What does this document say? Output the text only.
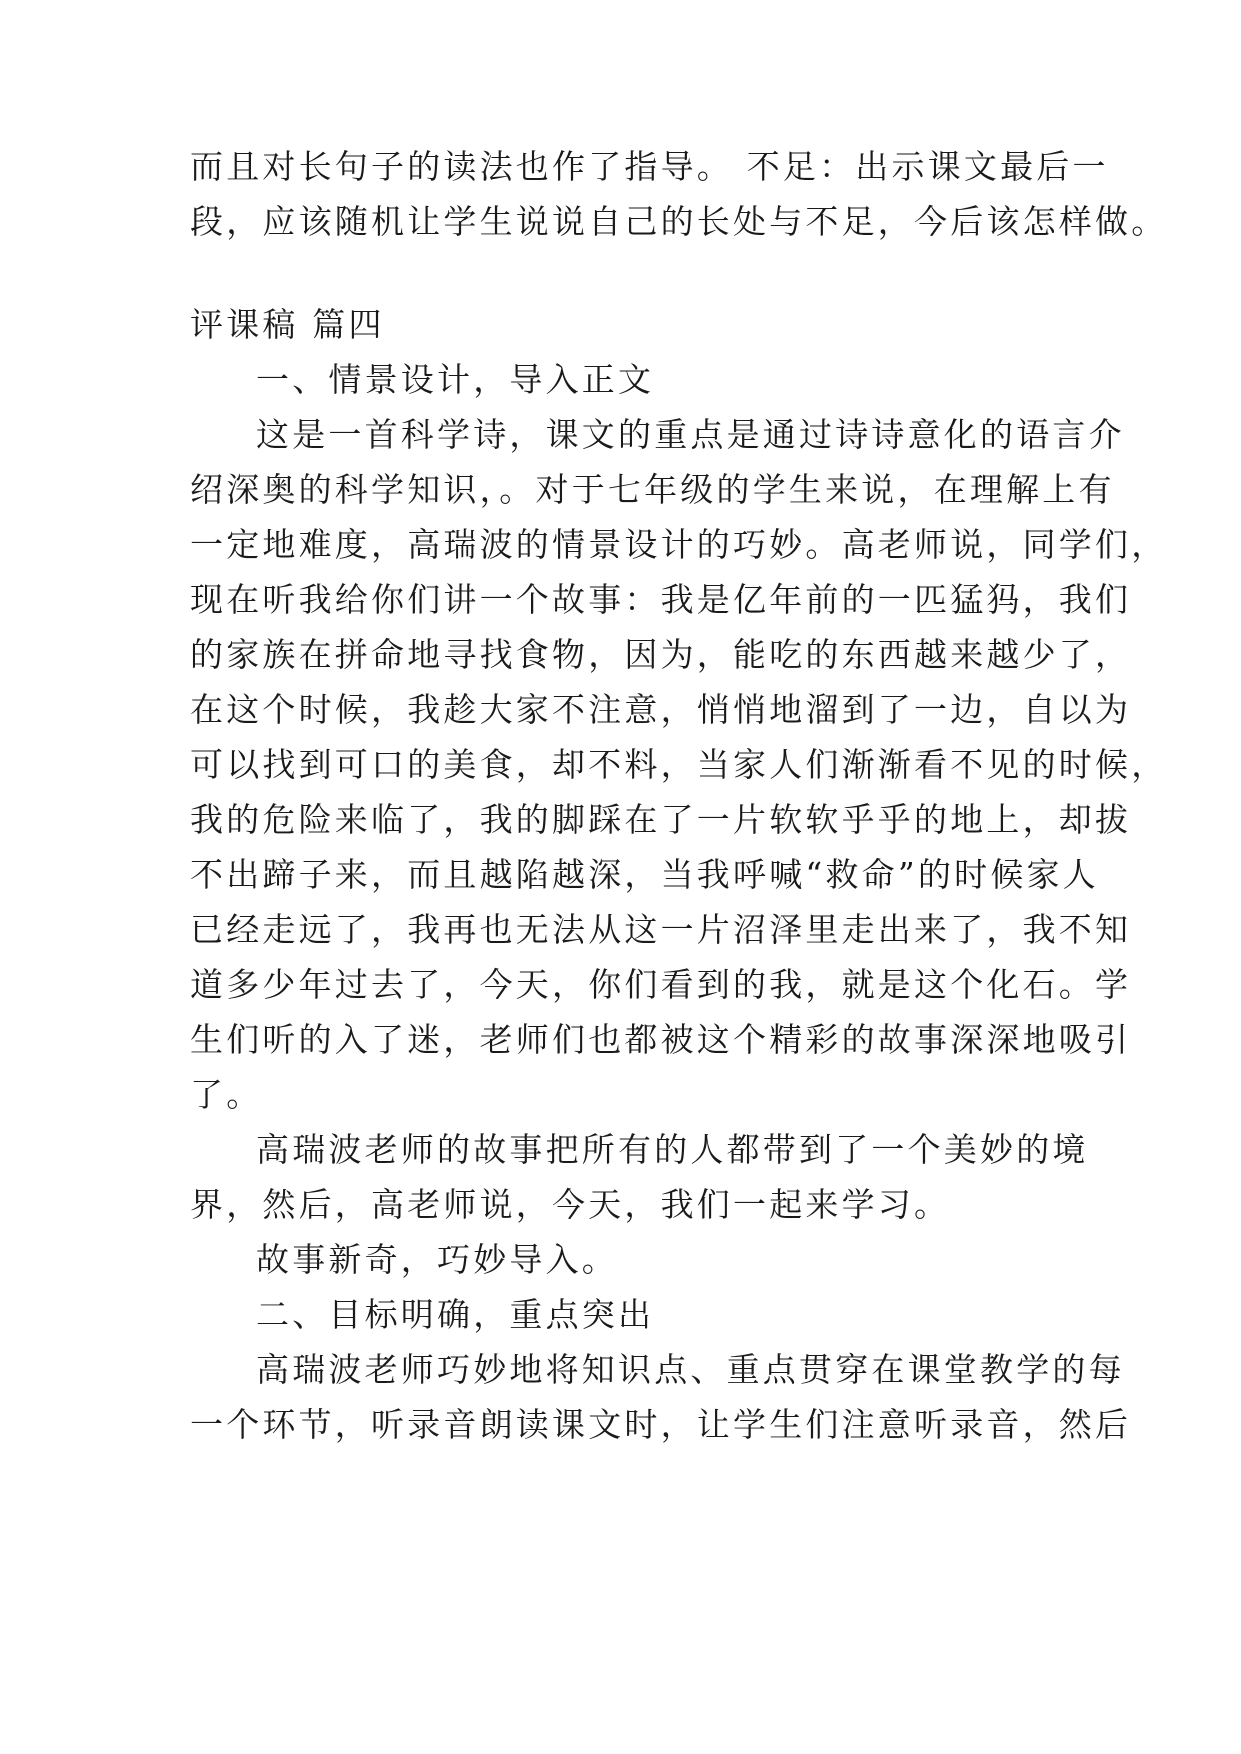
而且对长句子的读法也作了指导。 不足：出示课文最后一
段，应该随机让学生说说自己的长处与不足，今后该怎样做。
评课稿 篇四
一、情景设计，导入正文
这是一首科学诗，课文的重点是通过诗诗意化的语言介
绍深奥的科学知识，。对于七年级的学生来说，在理解上有
一定地难度，高瑞波的情景设计的巧妙。高老师说，同学们，
现在听我给你们讲一个故事：我是亿年前的一匹猛犸，我们
的家族在拼命地寻找食物，因为，能吃的东西越来越少了，
在这个时候，我趁大家不注意，悄悄地溜到了一边，自以为
可以找到可口的美食，却不料，当家人们渐渐看不见的时候，
我的危险来临了，我的脚踩在了一片软软乎乎的地上，却拔
不出蹄子来，而且越陷越深，当我呼喊“救命”的时候家人
已经走远了，我再也无法从这一片沼泽里走出来了，我不知
道多少年过去了，今天，你们看到的我，就是这个化石。学
生们听的入了迷，老师们也都被这个精彩的故事深深地吸引
了。
高瑞波老师的故事把所有的人都带到了一个美妙的境
界，然后，高老师说，今天，我们一起来学习。
故事新奇，巧妙导入。
二、目标明确，重点突出
高瑞波老师巧妙地将知识点、重点贯穿在课堂教学的每
一个环节，听录音朗读课文时，让学生们注意听录音，然后
